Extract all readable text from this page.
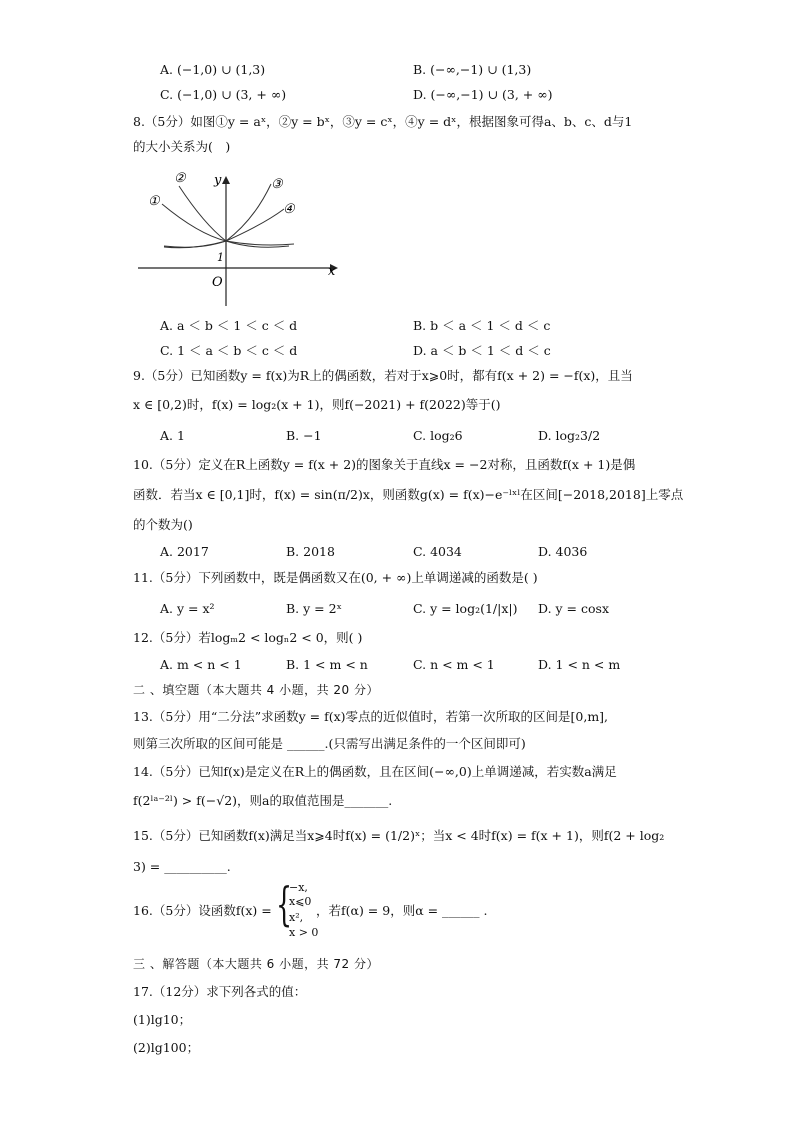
A. (−1,0) ∪ (1,3)	B. (−∞,−1) ∪ (1,3)
C. (−1,0) ∪ (3, + ∞)	D. (−∞,−1) ∪ (3, + ∞)
8.（5分）如图①y = aˣ，②y = bˣ，③y = cˣ，④y = dˣ，根据图象可得a、b、c、d与1
的大小关系为(　)
①
②	③
④
y
x
O
1
A. a ＜ b ＜ 1 ＜ c ＜ d	B. b ＜ a ＜ 1 ＜ d ＜ c
C. 1 ＜ a ＜ b ＜ c ＜ d	D. a ＜ b ＜ 1 ＜ d ＜ c
9.（5分）已知函数y = f(x)为R上的偶函数，若对于x⩾0时，都有f(x + 2) = −f(x)，且当
x ∈ [0,2)时，f(x) = log₂(x + 1)，则f(−2021) + f(2022)等于()
A. 1	B. −1	C. log₂6	D. log₂3/2
10.（5分）定义在R上函数y = f(x + 2)的图象关于直线x = −2对称，且函数f(x + 1)是偶
函数．若当x ∈ [0,1]时，f(x) = sin(π/2)x，则函数g(x) = f(x)−e⁻ˡˣˡ在区间[−2018,2018]上零点
的个数为()
A. 2017	B. 2018	C. 4034	D. 4036
11.（5分）下列函数中，既是偶函数又在(0, + ∞)上单调递减的函数是( )
A. y = x²	B. y = 2ˣ	C. y = log₂(1/|x|) D. y = cosx
12.（5分）若logₘ2 < logₙ2 < 0，则( )
A. m < n < 1	B. 1 < m < n	C. n < m < 1	D. 1 < n < m
二 、填空题（本大题共 4 小题，共 20 分）
13.（5分）用“二分法”求函数y = f(x)零点的近似值时，若第一次所取的区间是[0,m],
则第三次所取的区间可能是 ______.(只需写出满足条件的一个区间即可)
14.（5分）已知f(x)是定义在R上的偶函数，且在区间(−∞,0)上单调递减，若实数a满足
f(2ˡᵃ⁻²ˡ) > f(−√2)，则a的取值范围是_______.
15.（5分）已知函数f(x)满足当x⩾4时f(x) = (1/2)ˣ；当x < 4时f(x) = f(x + 1)，则f(2 + log₂
3) = __________.
16.（5分）设函数f(x) = {
−x,
x⩽0
x²,
x > 0
，若f(α) = 9，则α = ______ .
三 、解答题（本大题共 6 小题，共 72 分）
17.（12分）求下列各式的值：
(1)lg10；
(2)lg100；
